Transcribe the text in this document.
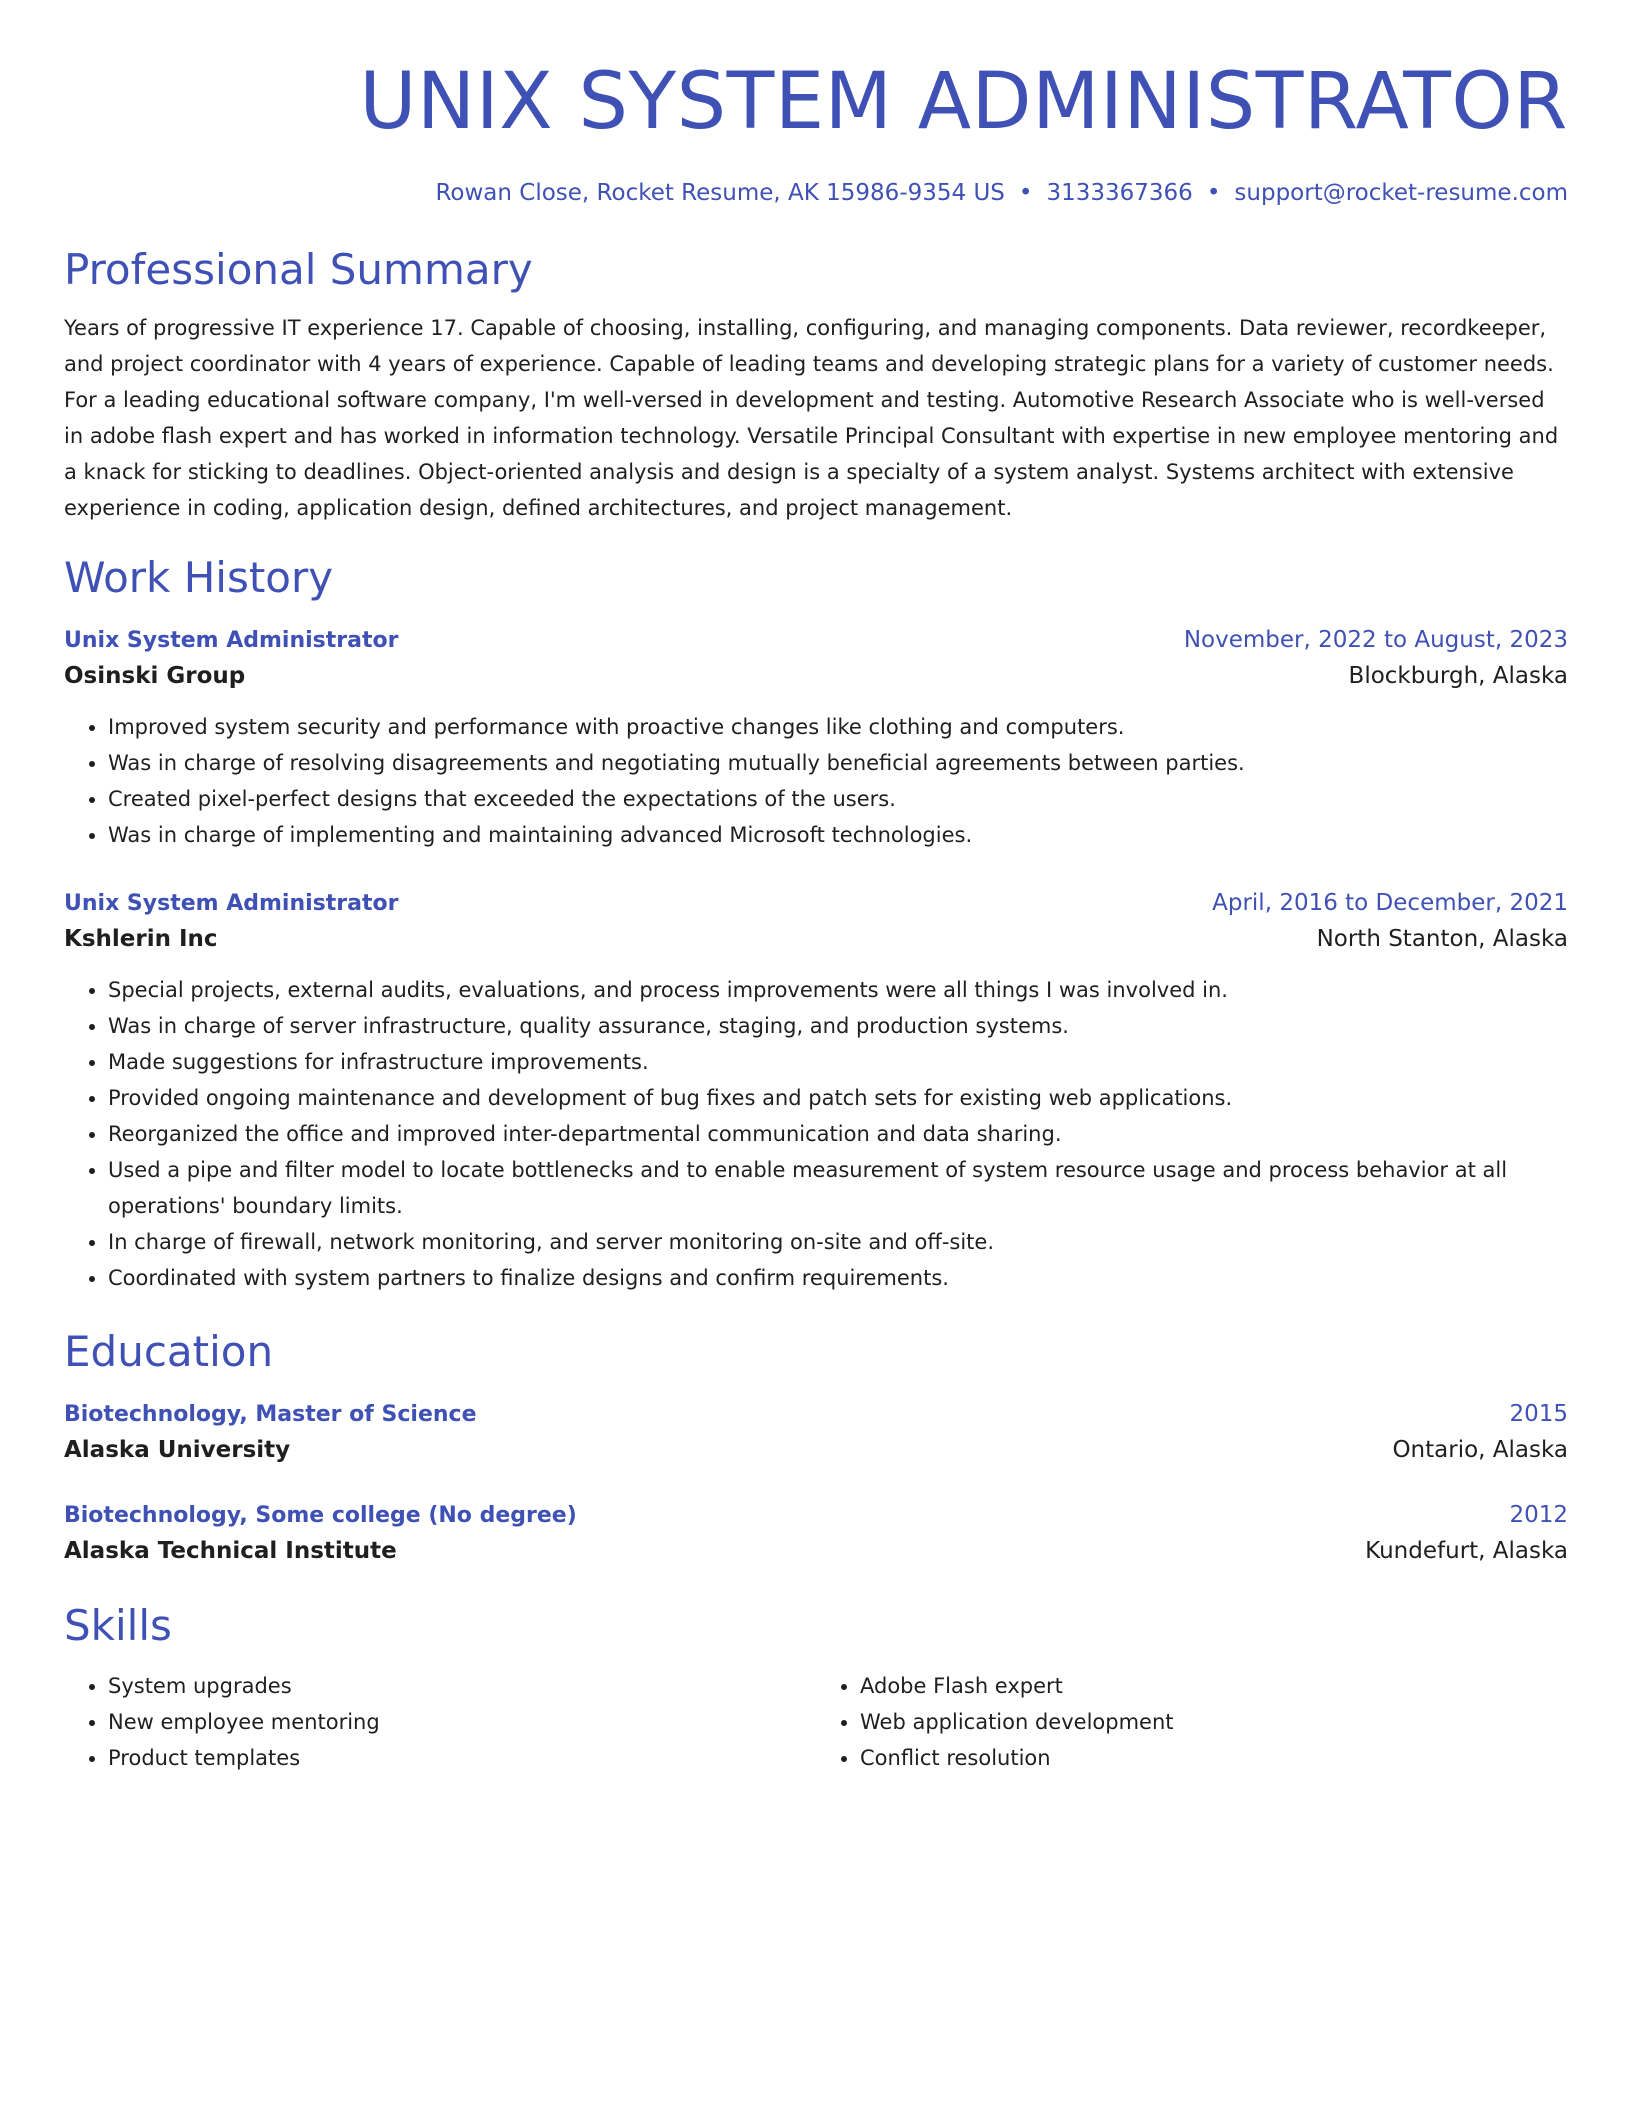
UNIX SYSTEM ADMINISTRATOR
Rowan Close, Rocket Resume, AK 15986-9354 US • 3133367366 • support@rocket-resume.com
Professional Summary
Years of progressive IT experience 17. Capable of choosing, installing, configuring, and managing components. Data reviewer, recordkeeper, and project coordinator with 4 years of experience. Capable of leading teams and developing strategic plans for a variety of customer needs. For a leading educational software company, I'm well-versed in development and testing. Automotive Research Associate who is well-versed in adobe flash expert and has worked in information technology. Versatile Principal Consultant with expertise in new employee mentoring and a knack for sticking to deadlines. Object-oriented analysis and design is a specialty of a system analyst. Systems architect with extensive experience in coding, application design, defined architectures, and project management.
Work History
Unix System Administrator	November, 2022 to August, 2023
Osinski Group	Blockburgh, Alaska
• Improved system security and performance with proactive changes like clothing and computers.
• Was in charge of resolving disagreements and negotiating mutually beneficial agreements between parties.
• Created pixel-perfect designs that exceeded the expectations of the users.
• Was in charge of implementing and maintaining advanced Microsoft technologies.
Unix System Administrator	April, 2016 to December, 2021
Kshlerin Inc	North Stanton, Alaska
• Special projects, external audits, evaluations, and process improvements were all things I was involved in.
• Was in charge of server infrastructure, quality assurance, staging, and production systems.
• Made suggestions for infrastructure improvements.
• Provided ongoing maintenance and development of bug fixes and patch sets for existing web applications.
• Reorganized the office and improved inter-departmental communication and data sharing.
• Used a pipe and filter model to locate bottlenecks and to enable measurement of system resource usage and process behavior at all operations' boundary limits.
• In charge of firewall, network monitoring, and server monitoring on-site and off-site.
• Coordinated with system partners to finalize designs and confirm requirements.
Education
Biotechnology, Master of Science	2015
Alaska University	Ontario, Alaska
Biotechnology, Some college (No degree)	2012
Alaska Technical Institute	Kundefurt, Alaska
Skills
• System upgrades
• New employee mentoring
• Product templates
• Adobe Flash expert
• Web application development
• Conflict resolution
